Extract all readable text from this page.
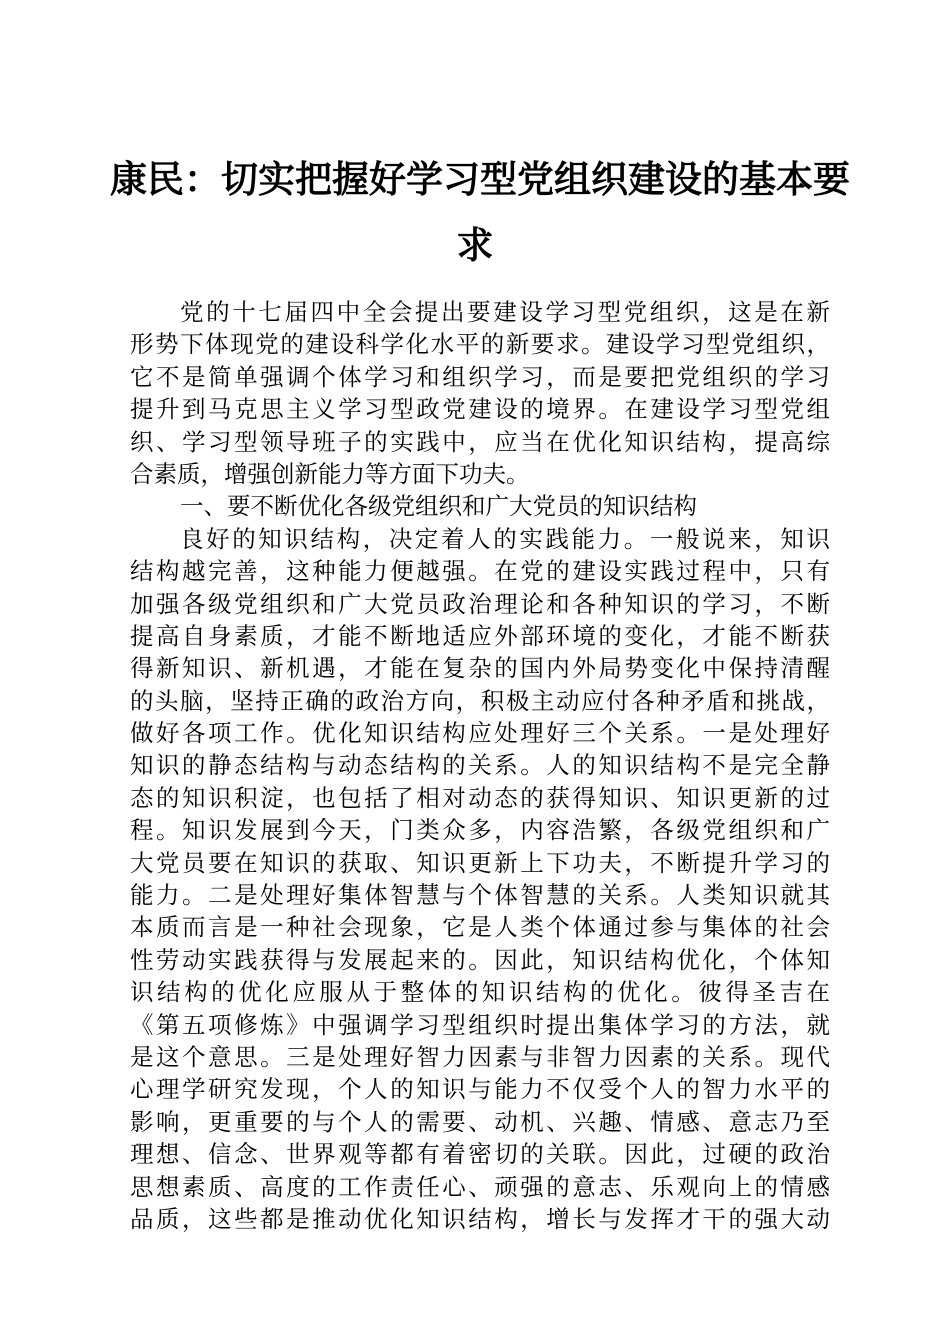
康民：切实把握好学习型党组织建设的基本要
求
党的十七届四中全会提出要建设学习型党组织，这是在新
形势下体现党的建设科学化水平的新要求。建设学习型党组织，
它不是简单强调个体学习和组织学习，而是要把党组织的学习
提升到马克思主义学习型政党建设的境界。在建设学习型党组
织、学习型领导班子的实践中，应当在优化知识结构，提高综
合素质，增强创新能力等方面下功夫。
一、要不断优化各级党组织和广大党员的知识结构
良好的知识结构，决定着人的实践能力。一般说来，知识
结构越完善，这种能力便越强。在党的建设实践过程中，只有
加强各级党组织和广大党员政治理论和各种知识的学习，不断
提高自身素质，才能不断地适应外部环境的变化，才能不断获
得新知识、新机遇，才能在复杂的国内外局势变化中保持清醒
的头脑，坚持正确的政治方向，积极主动应付各种矛盾和挑战，
做好各项工作。优化知识结构应处理好三个关系。一是处理好
知识的静态结构与动态结构的关系。人的知识结构不是完全静
态的知识积淀，也包括了相对动态的获得知识、知识更新的过
程。知识发展到今天，门类众多，内容浩繁，各级党组织和广
大党员要在知识的获取、知识更新上下功夫，不断提升学习的
能力。二是处理好集体智慧与个体智慧的关系。人类知识就其
本质而言是一种社会现象，它是人类个体通过参与集体的社会
性劳动实践获得与发展起来的。因此，知识结构优化，个体知
识结构的优化应服从于整体的知识结构的优化。彼得圣吉在
《第五项修炼》中强调学习型组织时提出集体学习的方法，就
是这个意思。三是处理好智力因素与非智力因素的关系。现代
心理学研究发现，个人的知识与能力不仅受个人的智力水平的
影响，更重要的与个人的需要、动机、兴趣、情感、意志乃至
理想、信念、世界观等都有着密切的关联。因此，过硬的政治
思想素质、高度的工作责任心、顽强的意志、乐观向上的情感
品质，这些都是推动优化知识结构，增长与发挥才干的强大动
